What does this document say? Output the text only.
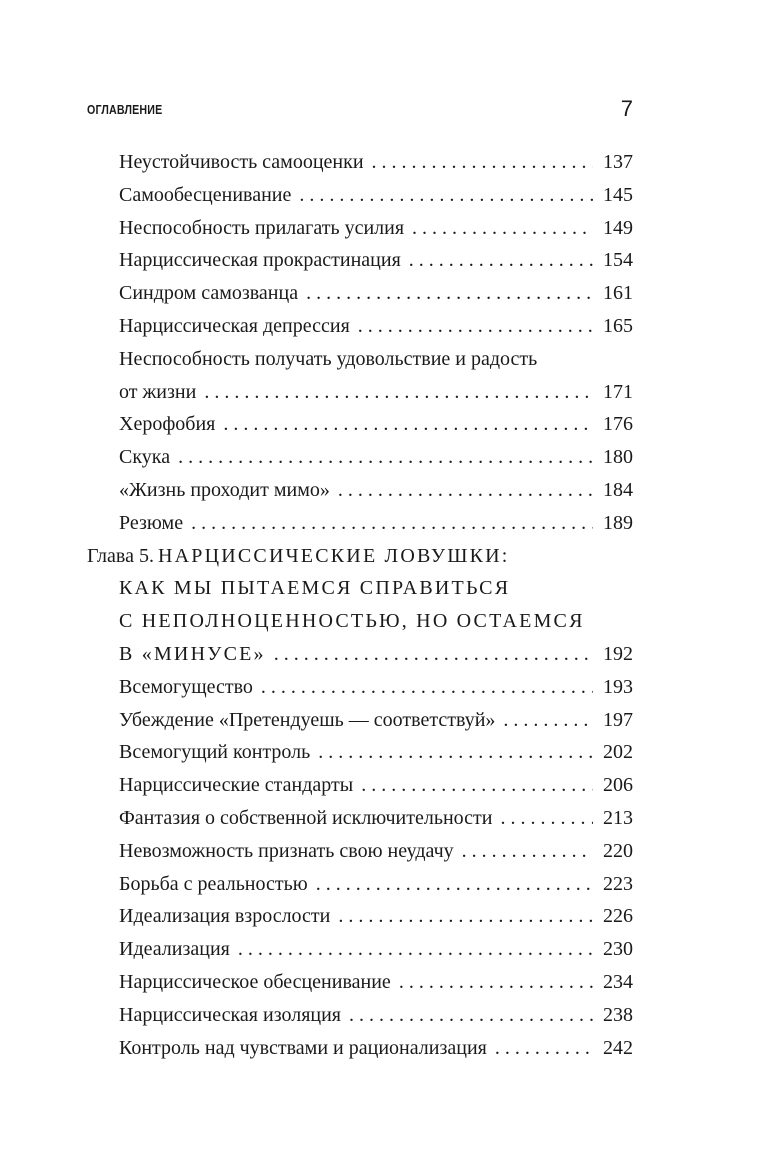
ОГЛАВЛЕНИЕ	7
Неустойчивость самооценки . . .	137
Самообесценивание . . .	145
Неспособность прилагать усилия . . .	149
Нарциссическая прокрастинация . . .	154
Синдром самозванца . . .	161
Нарциссическая депрессия . . .	165
Неспособность получать удовольствие и радость
от жизни . . .	171
Херофобия . . .	176
Скука . . .	180
«Жизнь проходит мимо» . . .	184
Резюме . . .	189
Глава 5. НАРЦИССИЧЕСКИЕ ЛОВУШКИ:
КАК МЫ ПЫТАЕМСЯ СПРАВИТЬСЯ
С НЕПОЛНОЦЕННОСТЬЮ, НО ОСТАЕМСЯ
В «МИНУСЕ» . . .	192
Всемогущество . . .	193
Убеждение «Претендуешь — соответствуй» . . .	197
Всемогущий контроль . . .	202
Нарциссические стандарты . . .	206
Фантазия о собственной исключительности . . .	213
Невозможность признать свою неудачу . . .	220
Борьба с реальностью . . .	223
Идеализация взрослости . . .	226
Идеализация . . .	230
Нарциссическое обесценивание . . .	234
Нарциссическая изоляция . . .	238
Контроль над чувствами и рационализация . . .	242
